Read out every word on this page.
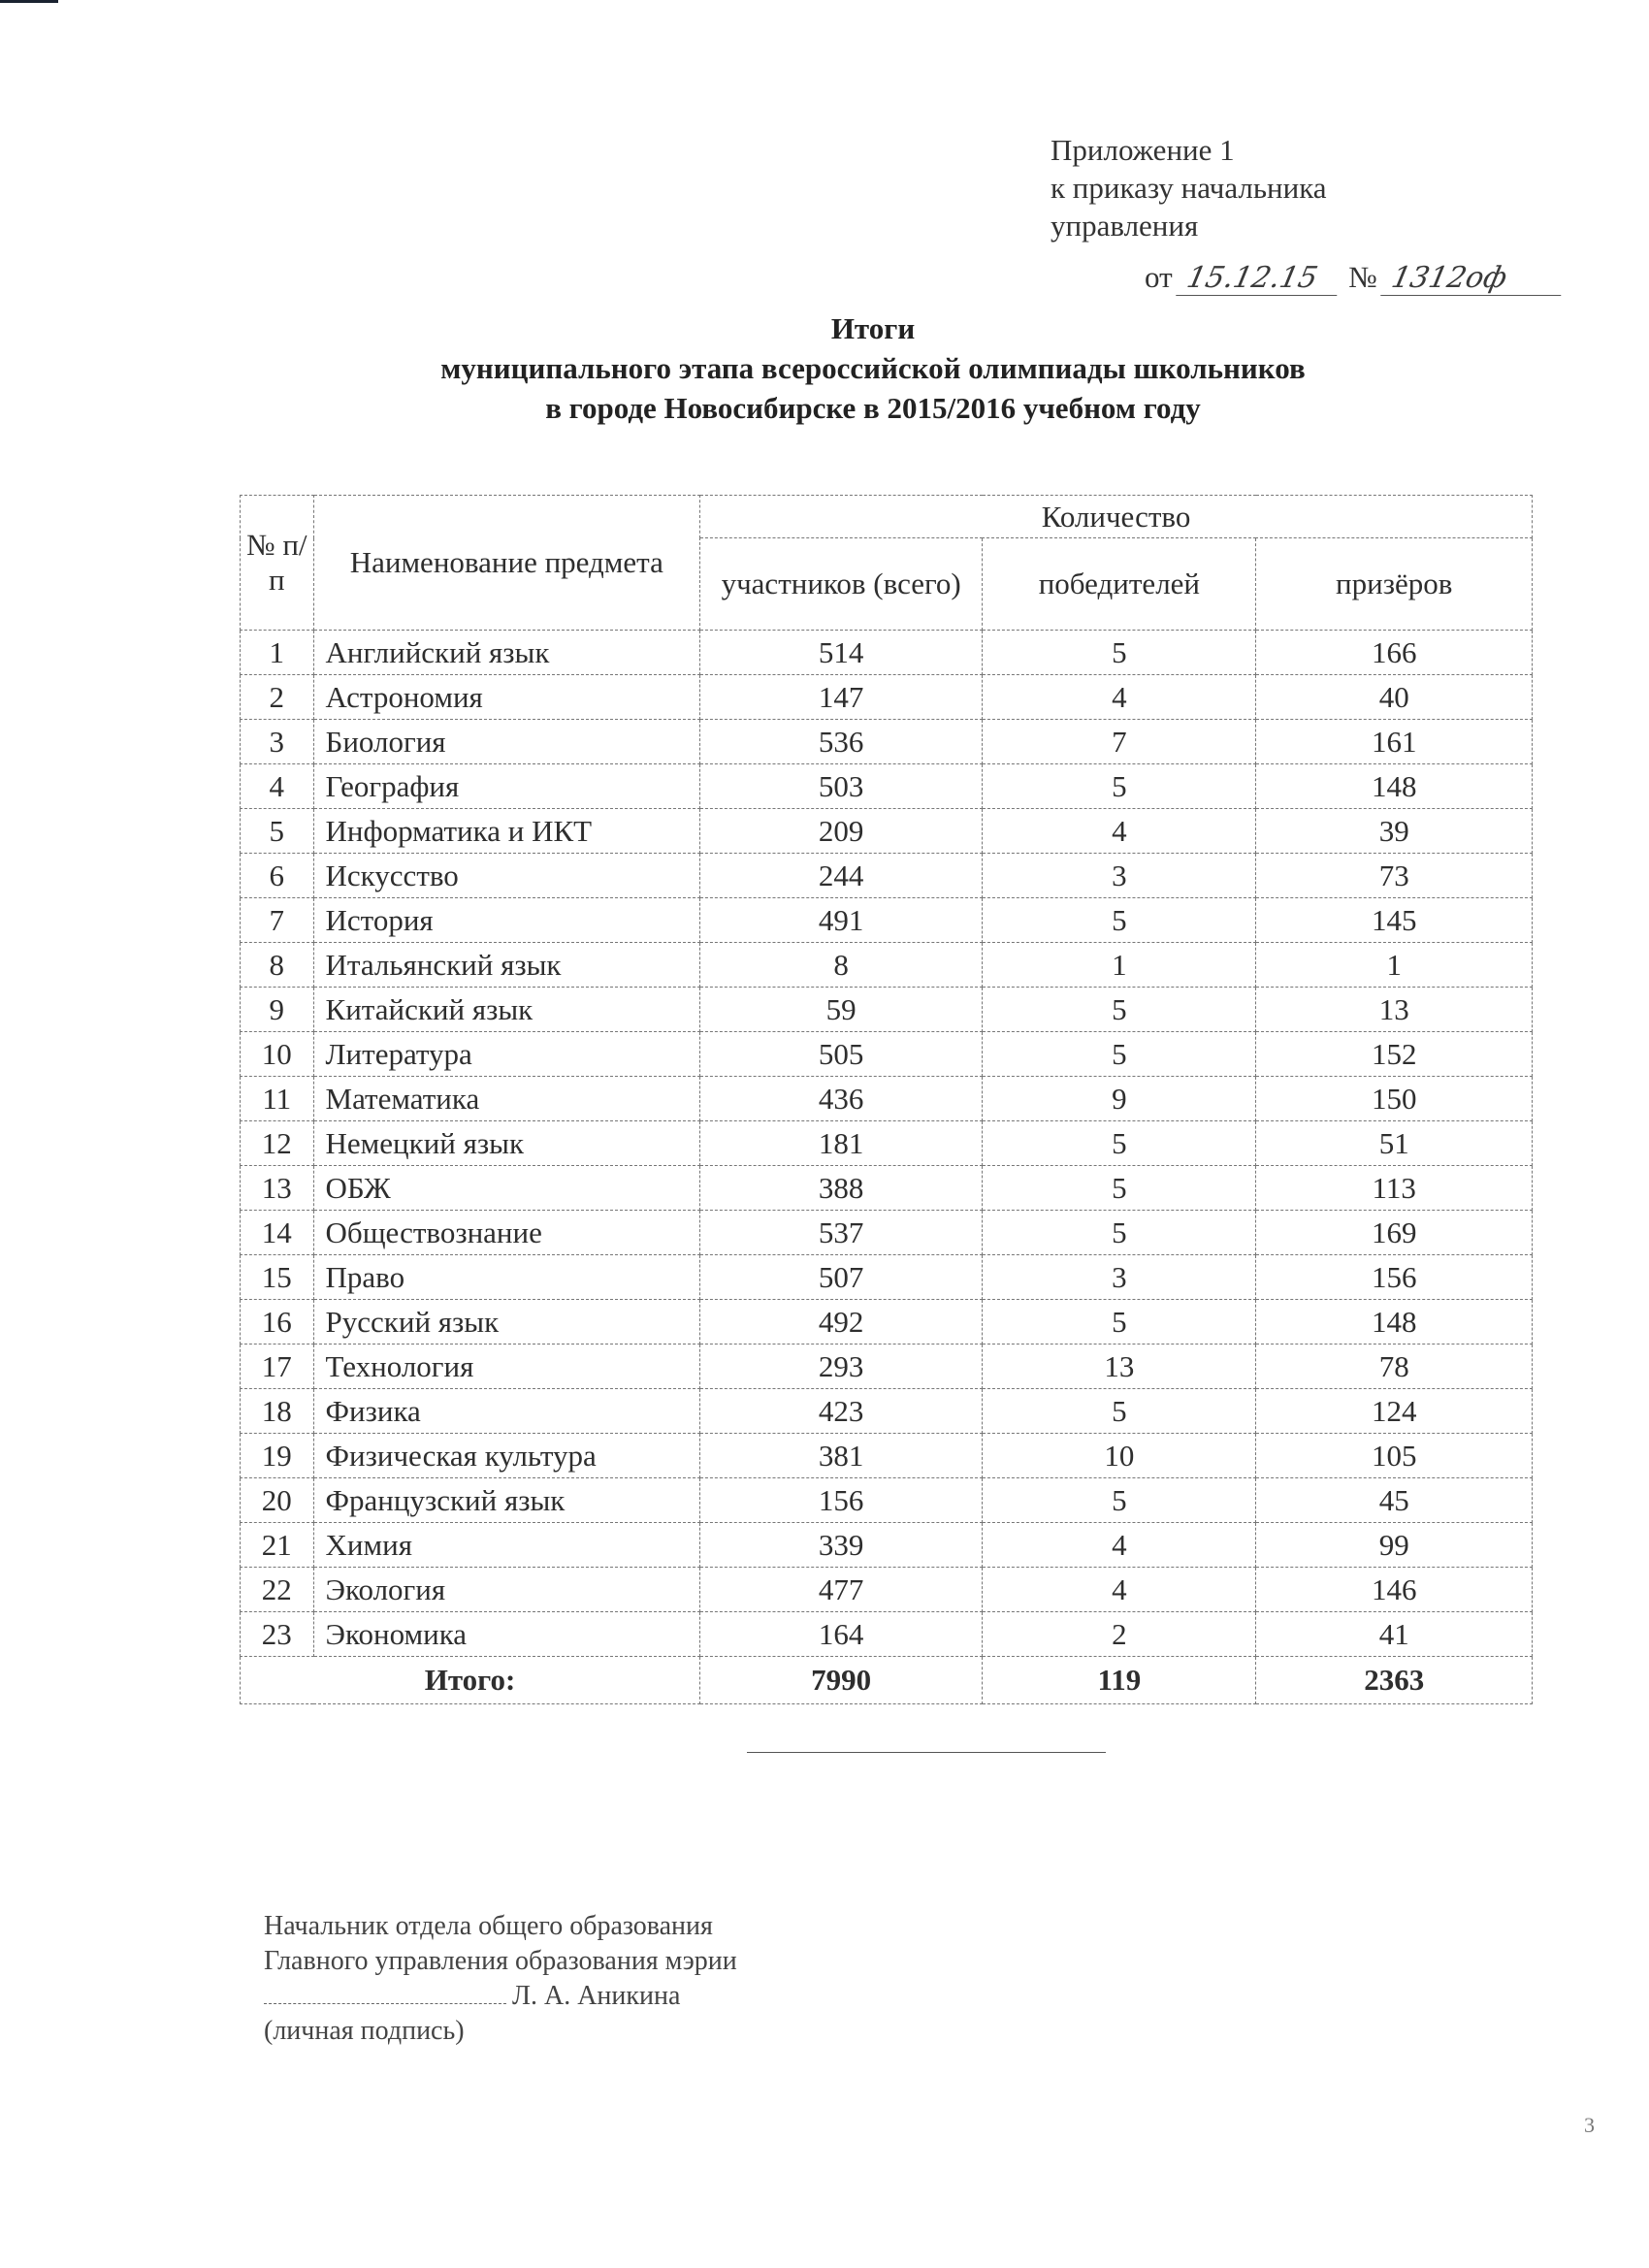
Приложение 1
к приказу начальника
управления
от 15.12.15 № 1312оф
Итоги
муниципального этапа всероссийской олимпиады школьников
в городе Новосибирске в 2015/2016 учебном году
№ п/п	Наименование предмета	Количество		
		участников (всего)	победителей	призёров
1	Английский язык	514	5	166
2	Астрономия	147	4	40
3	Биология	536	7	161
4	География	503	5	148
5	Информатика и ИКТ	209	4	39
6	Искусство	244	3	73
7	История	491	5	145
8	Итальянский язык	8	1	1
9	Китайский язык	59	5	13
10	Литература	505	5	152
11	Математика	436	9	150
12	Немецкий язык	181	5	51
13	ОБЖ	388	5	113
14	Обществознание	537	5	169
15	Право	507	3	156
16	Русский язык	492	5	148
17	Технология	293	13	78
18	Физика	423	5	124
19	Физическая культура	381	10	105
20	Французский язык	156	5	45
21	Химия	339	4	99
22	Экология	477	4	146
23	Экономика	164	2	41
Итого:		7990	119	2363
Начальник отдела общего образования
Главного управления образования мэрии
Л. А. Аникина
(личная подпись)
3
